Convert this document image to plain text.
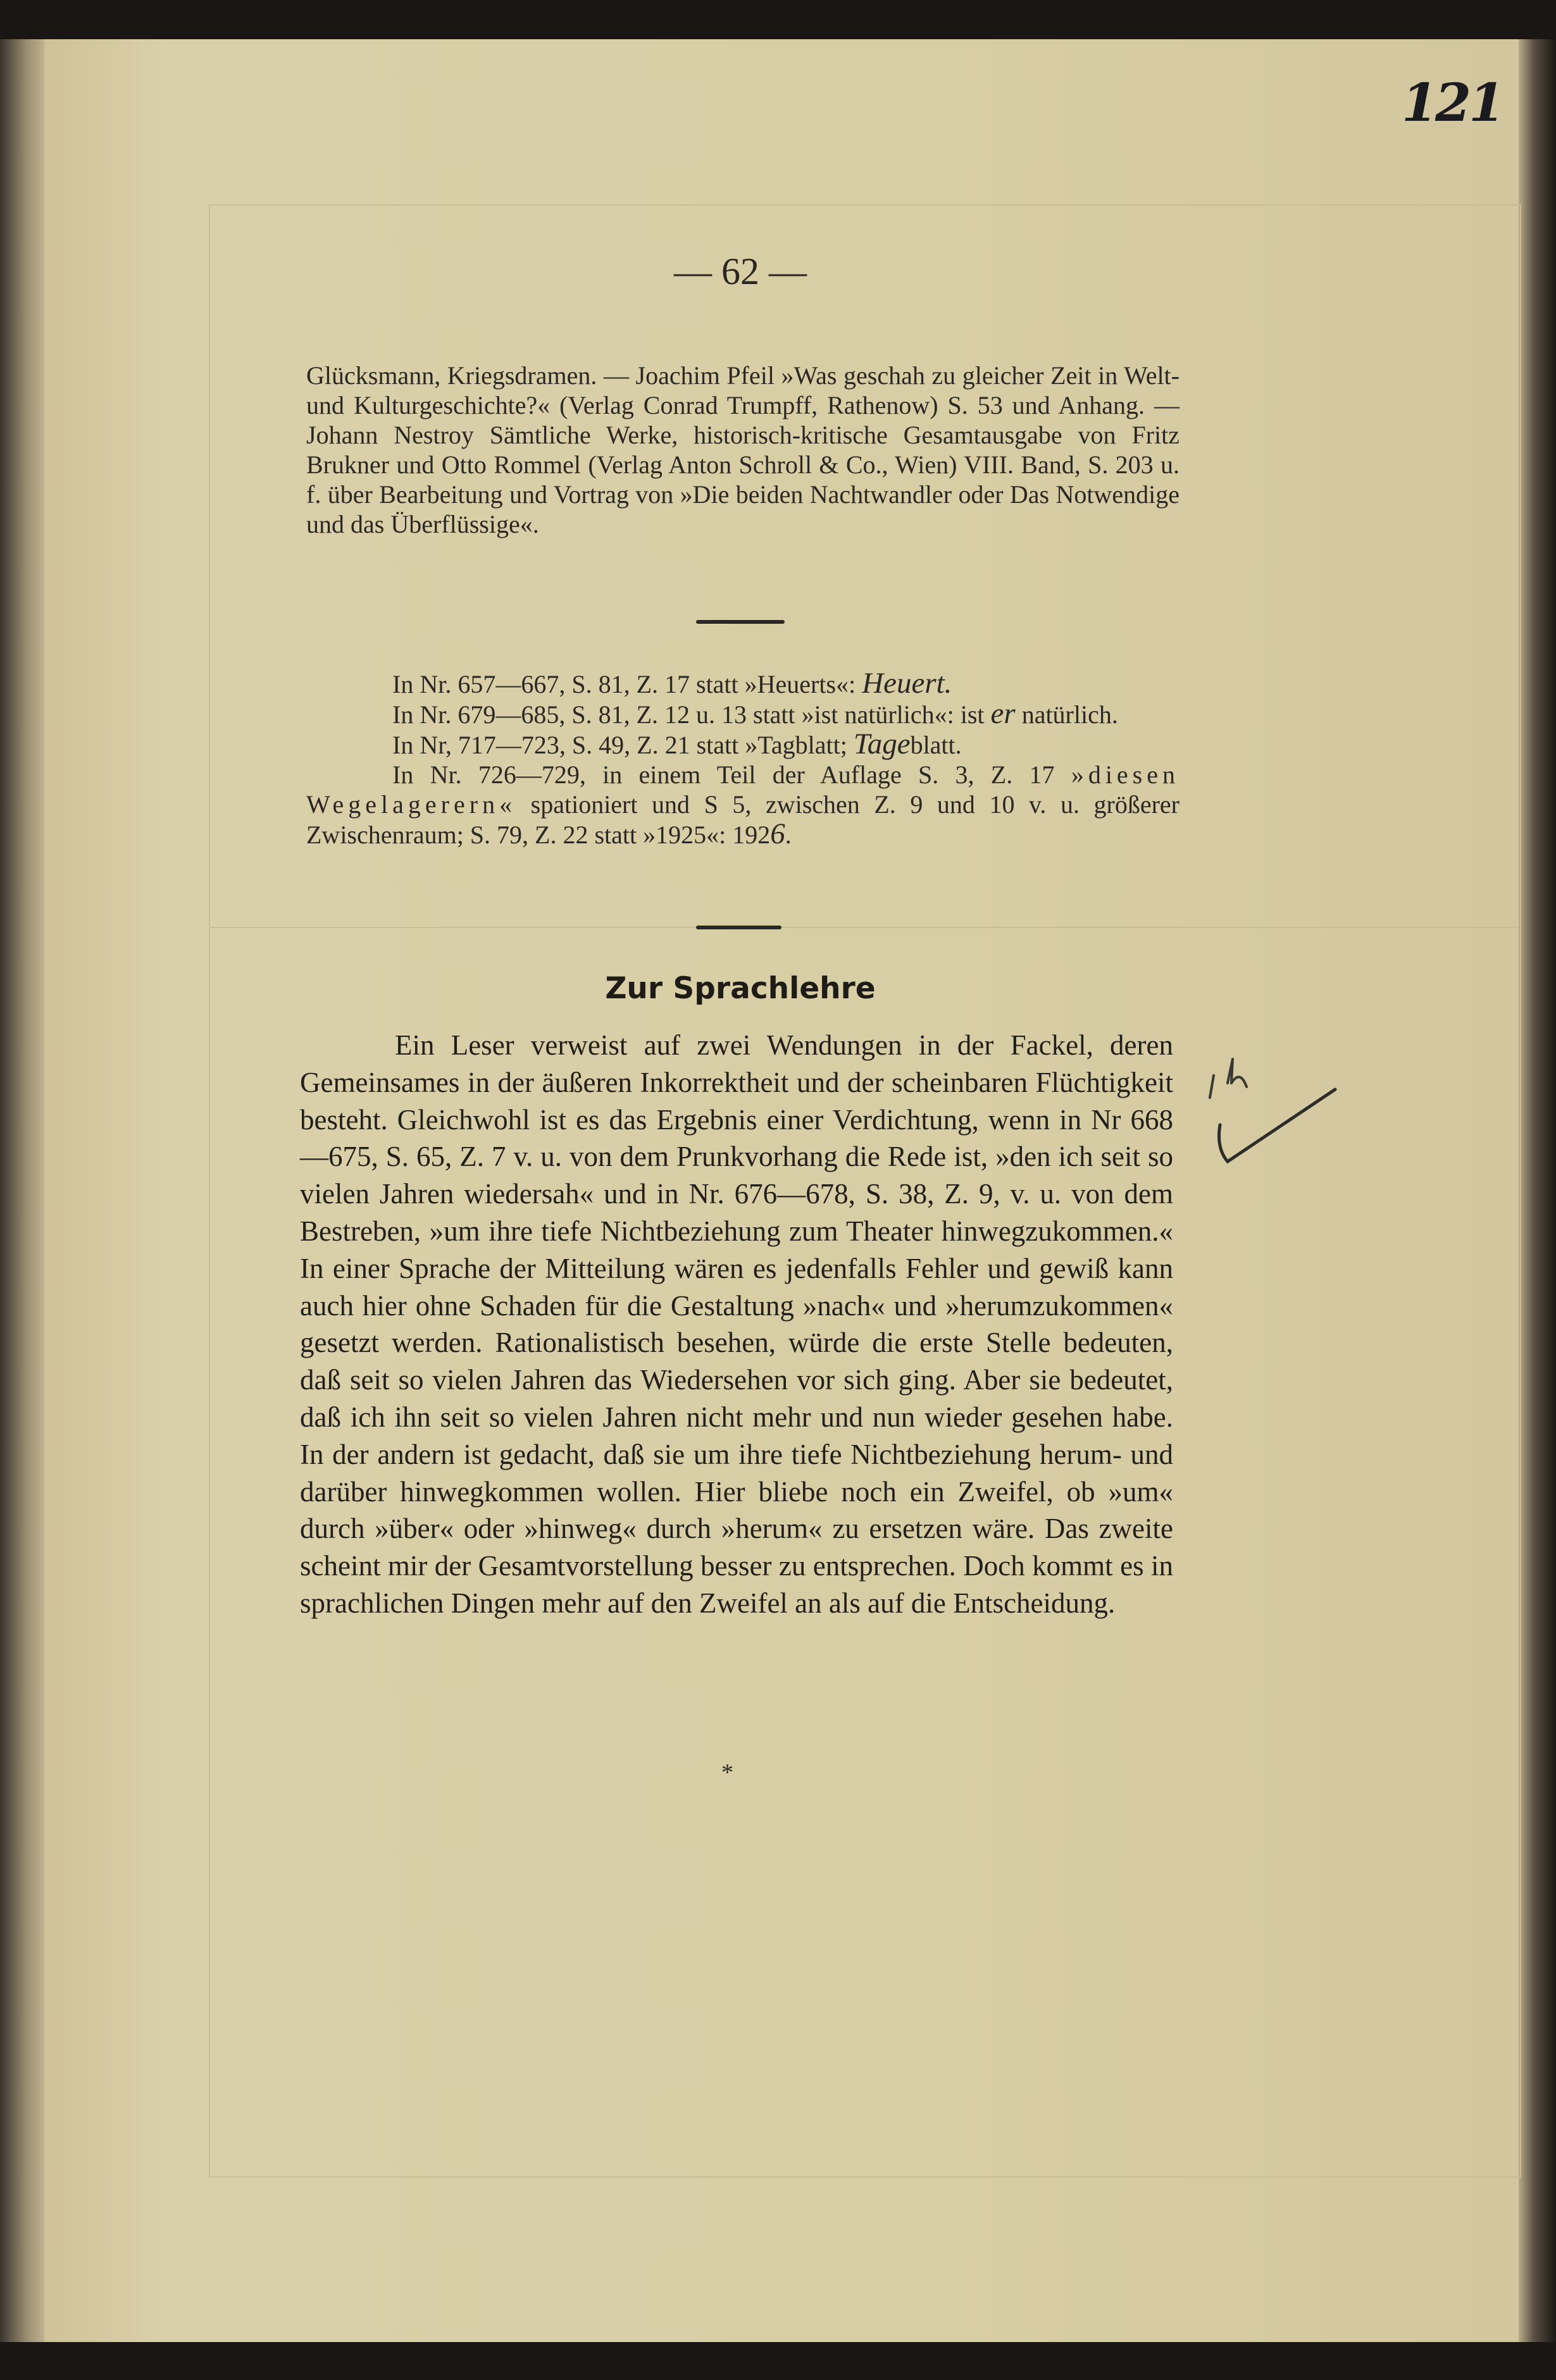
121
— 62 —
Glücksmann, Kriegsdramen. — Joachim Pfeil »Was geschah zu gleicher Zeit in Welt- und Kulturgeschichte?« (Verlag Conrad Trumpff, Rathenow) S. 53 und Anhang. — Johann Nestroy Sämtliche Werke, historisch-kritische Gesamtausgabe von Fritz Brukner und Otto Rommel (Verlag Anton Schroll & Co., Wien) VIII. Band, S. 203 u. f. über Bearbeitung und Vortrag von »Die beiden Nachtwandler oder Das Notwendige und das Überflüssige«.

In Nr. 657—667, S. 81, Z. 17 statt »Heuerts«: Heuert.

In Nr. 679—685, S. 81, Z. 12 u. 13 statt »ist natürlich«: ist er natürlich.

In Nr, 717—723, S. 49, Z. 21 statt »Tagblatt; Tageblatt.

In Nr. 726—729, in einem Teil der Auflage S. 3, Z. 17 »diesen Wegelagerern« spationiert und S 5, zwischen Z. 9 und 10 v. u. größerer Zwischenraum; S. 79, Z. 22 statt »1925«: 1926.

Zur Sprachlehre

Ein Leser verweist auf zwei Wendungen in der Fackel, deren Gemeinsames in der äußeren Inkorrektheit und der scheinbaren Flüchtigkeit besteht. Gleichwohl ist es das Ergebnis einer Verdichtung, wenn in Nr 668—675, S. 65, Z. 7 v. u. von dem Prunkvorhang die Rede ist, »den ich seit so vielen Jahren wiedersah« und in Nr. 676—678, S. 38, Z. 9, v. u. von dem Bestreben, »um ihre tiefe Nichtbeziehung zum Theater hinwegzukommen.« In einer Sprache der Mitteilung wären es jedenfalls Fehler und gewiß kann auch hier ohne Schaden für die Gestaltung »nach« und »herumzukommen« gesetzt werden. Rationalistisch besehen, würde die erste Stelle bedeuten, daß seit so vielen Jahren das Wiedersehen vor sich ging. Aber sie bedeutet, daß ich ihn seit so vielen Jahren nicht mehr und nun wieder gesehen habe. In der andern ist gedacht, daß sie um ihre tiefe Nichtbeziehung herum- und darüber hinwegkommen wollen. Hier bliebe noch ein Zweifel, ob »um« durch »über« oder »hinweg« durch »herum« zu ersetzen wäre. Das zweite scheint mir der Gesamtvorstellung besser zu entsprechen. Doch kommt es in sprachlichen Dingen mehr auf den Zweifel an als auf die Entscheidung.

*
